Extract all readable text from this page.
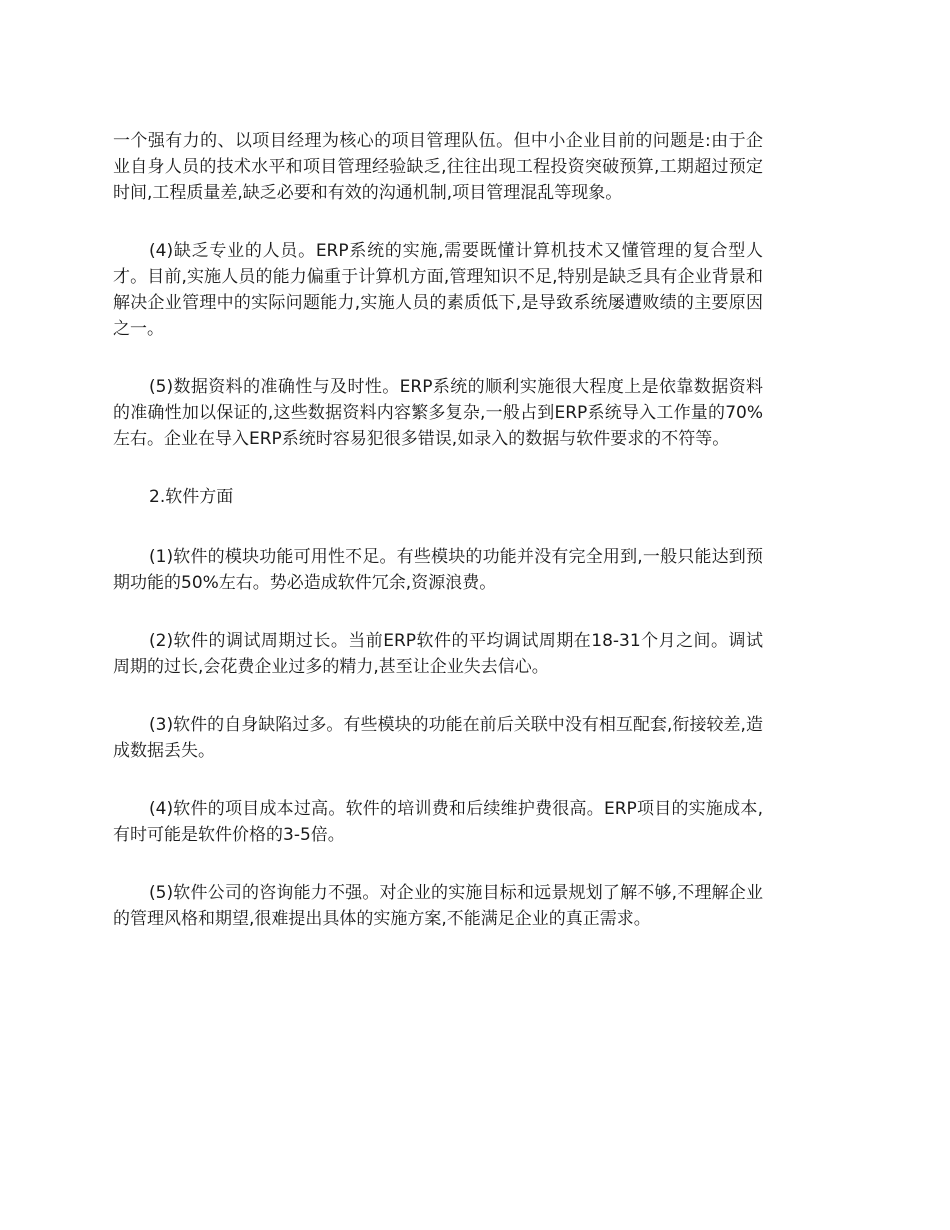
一个强有力的、以项目经理为核心的项目管理队伍。但中小企业目前的问题是:由于企业自身人员的技术水平和项目管理经验缺乏,往往出现工程投资突破预算,工期超过预定时间,工程质量差,缺乏必要和有效的沟通机制,项目管理混乱等现象。

(4)缺乏专业的人员。ERP系统的实施,需要既懂计算机技术又懂管理的复合型人才。目前,实施人员的能力偏重于计算机方面,管理知识不足,特别是缺乏具有企业背景和解决企业管理中的实际问题能力,实施人员的素质低下,是导致系统屡遭败绩的主要原因之一。

(5)数据资料的准确性与及时性。ERP系统的顺利实施很大程度上是依靠数据资料的准确性加以保证的,这些数据资料内容繁多复杂,一般占到ERP系统导入工作量的70%左右。企业在导入ERP系统时容易犯很多错误,如录入的数据与软件要求的不符等。

2.软件方面

(1)软件的模块功能可用性不足。有些模块的功能并没有完全用到,一般只能达到预期功能的50%左右。势必造成软件冗余,资源浪费。

(2)软件的调试周期过长。当前ERP软件的平均调试周期在18-31个月之间。调试周期的过长,会花费企业过多的精力,甚至让企业失去信心。

(3)软件的自身缺陷过多。有些模块的功能在前后关联中没有相互配套,衔接较差,造成数据丢失。

(4)软件的项目成本过高。软件的培训费和后续维护费很高。ERP项目的实施成本,有时可能是软件价格的3-5倍。

(5)软件公司的咨询能力不强。对企业的实施目标和远景规划了解不够,不理解企业的管理风格和期望,很难提出具体的实施方案,不能满足企业的真正需求。
